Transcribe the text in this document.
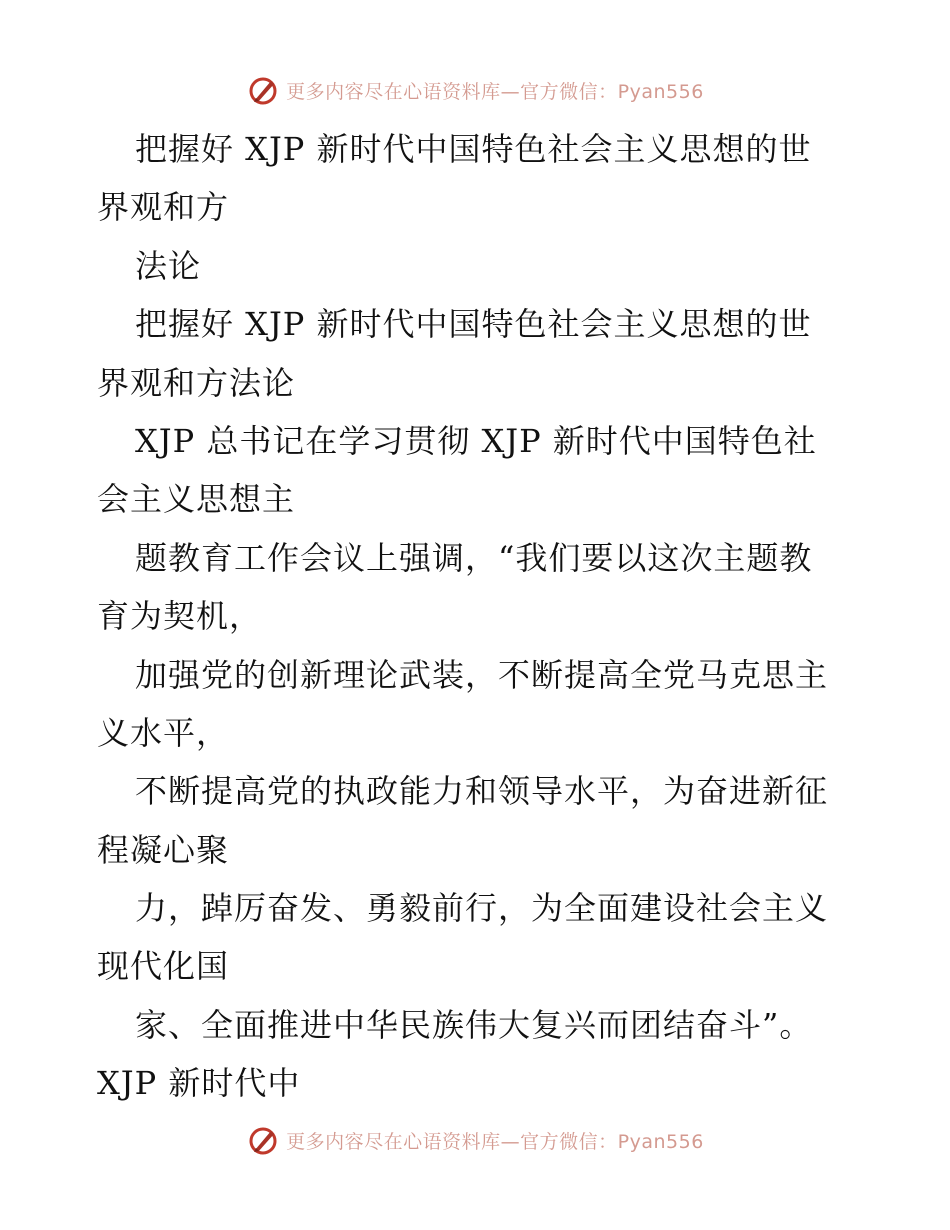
更多内容尽在心语资料库—官方微信：Pyan556
把握好 XJP 新时代中国特色社会主义思想的世
界观和方
法论
把握好 XJP 新时代中国特色社会主义思想的世
界观和方法论
XJP 总书记在学习贯彻 XJP 新时代中国特色社
会主义思想主
题教育工作会议上强调，“我们要以这次主题教
育为契机，
加强党的创新理论武装，不断提高全党马克思主
义水平，
不断提高党的执政能力和领导水平，为奋进新征
程凝心聚
力，踔厉奋发、勇毅前行，为全面建设社会主义
现代化国
家、全面推进中华民族伟大复兴而团结奋斗”。
XJP 新时代中
更多内容尽在心语资料库—官方微信：Pyan556
